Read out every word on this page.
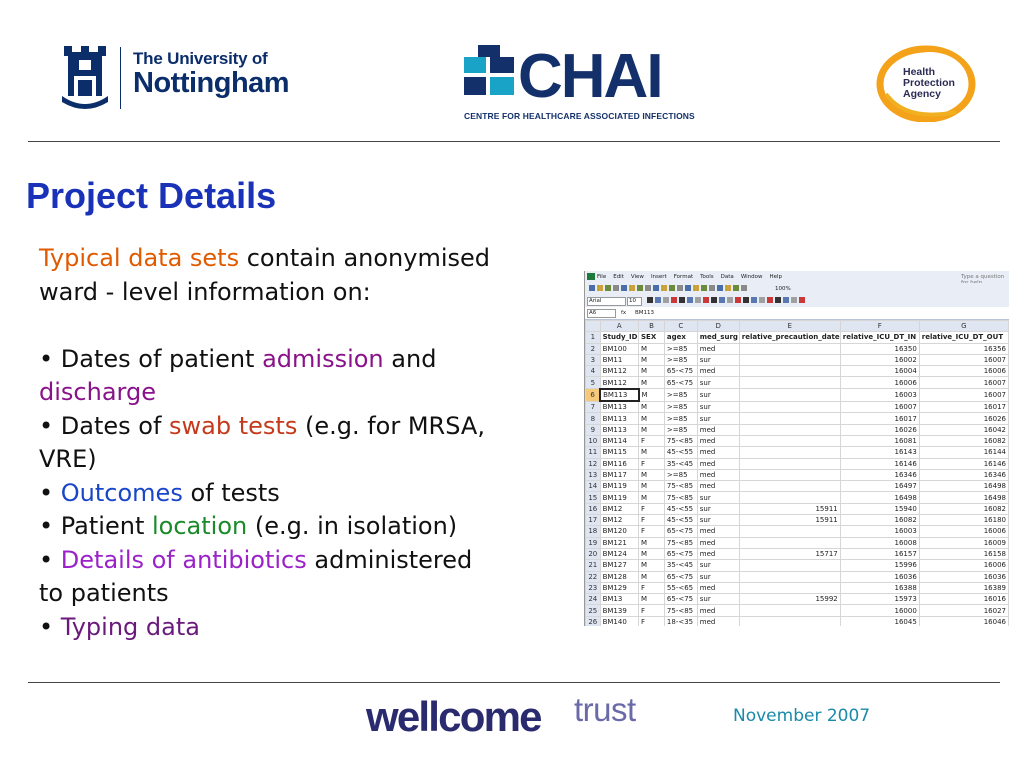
The University of
Nottingham	CHAI
CENTRE FOR HEALTHCARE ASSOCIATED INFECTIONS
Health
Protection
Agency
Project Details
Typical data sets contain anonymised
ward - level information on:
• Dates of patient admission and
discharge
• Dates of swab tests (e.g. for MRSA,
VRE)
• Outcomes of tests
• Patient location (e.g. in isolation)
• Details of antibiotics administered
to patients
• Typing data
File Edit View Insert Format Tools Data Window Help	Type a question
100%
Arial	10
A6	fx BM113
	A	B	C	D	E	F	G
1	Study_ID	SEX	agex	med_surg	relative_precaution_date	relative_ICU_DT_IN	relative_ICU_DT_OUT
2	BM100	M	>=85	med		16350	16356
3	BM11	M	>=85	sur		16002	16007
4	BM112	M	65-<75	med		16004	16006
5	BM112	M	65-<75	sur		16006	16007
6	BM113	M	>=85	sur		16003	16007
7	BM113	M	>=85	sur		16007	16017
8	BM113	M	>=85	sur		16017	16026
9	BM113	M	>=85	med		16026	16042
10	BM114	F	75-<85	med		16081	16082
11	BM115	M	45-<55	med		16143	16144
12	BM116	F	35-<45	med		16146	16146
13	BM117	M	>=85	med		16346	16346
14	BM119	M	75-<85	med		16497	16498
15	BM119	M	75-<85	sur		16498	16498
16	BM12	F	45-<55	sur	15911	15940	16082
17	BM12	F	45-<55	sur	15911	16082	16180
18	BM120	F	65-<75	med		16003	16006
19	BM121	M	75-<85	med		16008	16009
20	BM124	M	65-<75	med	15717	16157	16158
21	BM127	M	35-<45	sur		15996	16006
22	BM128	M	65-<75	sur		16036	16036
23	BM129	F	55-<65	med		16388	16389
24	BM13	M	65-<75	sur	15992	15973	16016
25	BM139	F	75-<85	med		16000	16027
26	BM140	F	18-<35	med		16045	16046
wellcome trust	November 2007
